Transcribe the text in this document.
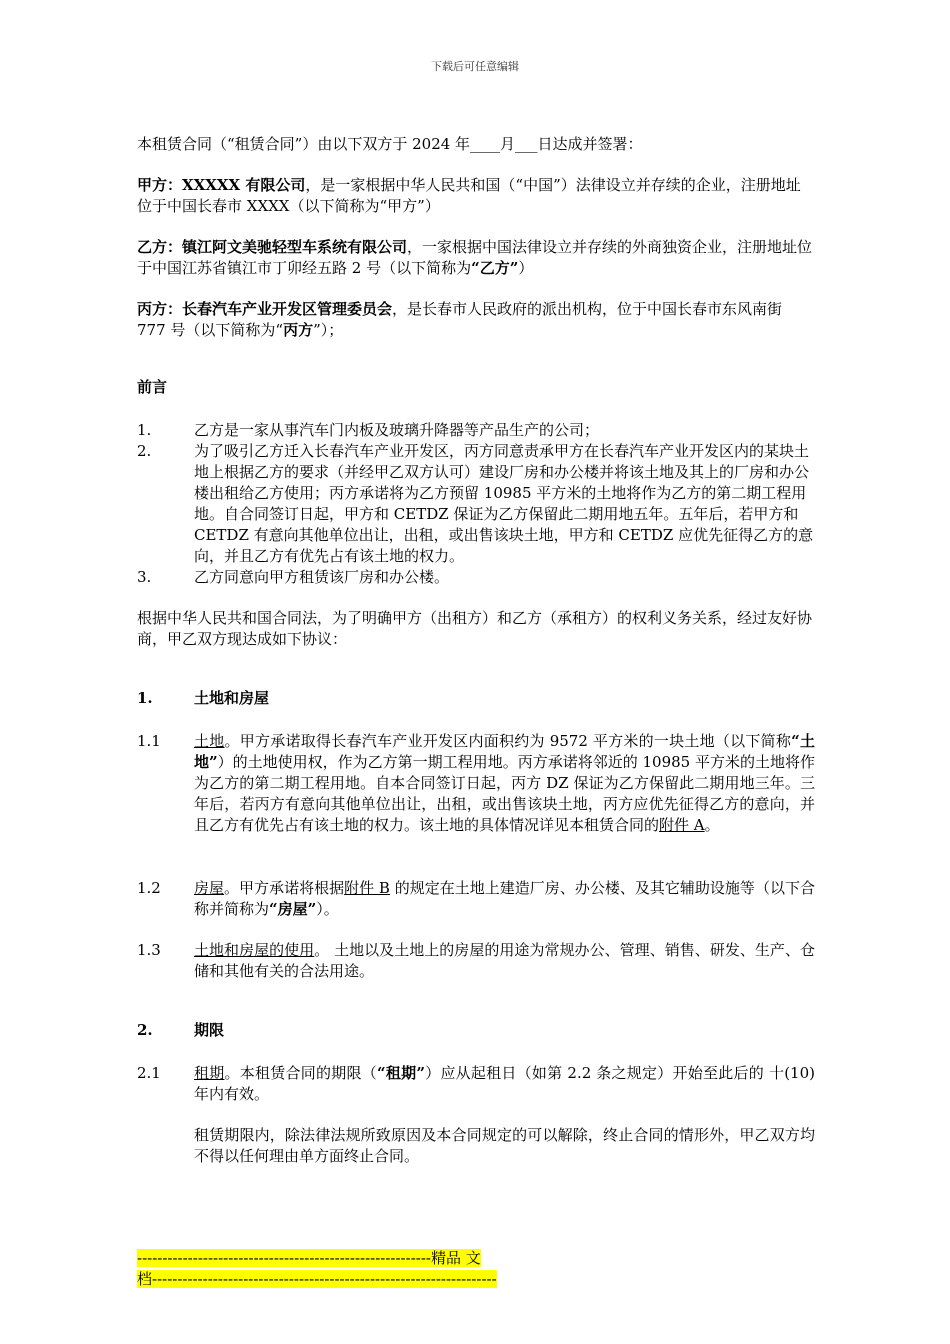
下载后可任意编辑

本租赁合同（“租赁合同”）由以下双方于 2024 年____月___日达成并签署：

甲方：XXXXX 有限公司，是一家根据中华人民共和国（“中国”）法律设立并存续的企业，注册地址位于中国长春市 XXXX（以下简称为“甲方”）

乙方：镇江阿文美驰轻型车系统有限公司，一家根据中国法律设立并存续的外商独资企业，注册地址位于中国江苏省镇江市丁卯经五路 2 号（以下简称为“乙方”）

丙方：长春汽车产业开发区管理委员会，是长春市人民政府的派出机构，位于中国长春市东风南街 777 号（以下简称为“丙方”）；

前言

1.	乙方是一家从事汽车门内板及玻璃升降器等产品生产的公司；
2.	为了吸引乙方迁入长春汽车产业开发区，丙方同意责承甲方在长春汽车产业开发区内的某块土地上根据乙方的要求（并经甲乙双方认可）建设厂房和办公楼并将该土地及其上的厂房和办公楼出租给乙方使用；丙方承诺将为乙方预留 10985 平方米的土地将作为乙方的第二期工程用地。自合同签订日起，甲方和 CETDZ 保证为乙方保留此二期用地五年。五年后，若甲方和 CETDZ 有意向其他单位出让，出租，或出售该块土地，甲方和 CETDZ 应优先征得乙方的意向，并且乙方有优先占有该土地的权力。
3.	乙方同意向甲方租赁该厂房和办公楼。

根据中华人民共和国合同法，为了明确甲方（出租方）和乙方（承租方）的权利义务关系，经过友好协商，甲乙双方现达成如下协议：

1.	土地和房屋
1.1	土地。甲方承诺取得长春汽车产业开发区内面积约为 9572 平方米的一块土地（以下简称“土地”）的土地使用权，作为乙方第一期工程用地。丙方承诺将邻近的 10985 平方米的土地将作为乙方的第二期工程用地。自本合同签订日起，丙方 DZ 保证为乙方保留此二期用地三年。三年后，若丙方有意向其他单位出让，出租，或出售该块土地，丙方应优先征得乙方的意向，并且乙方有优先占有该土地的权力。该土地的具体情况详见本租赁合同的附件 A。
1.2	房屋。甲方承诺将根据附件 B 的规定在土地上建造厂房、办公楼、及其它辅助设施等（以下合称并简称为“房屋”）。
1.3	土地和房屋的使用。 土地以及土地上的房屋的用途为常规办公、管理、销售、研发、生产、仓储和其他有关的合法用途。
2.	期限
2.1	租期。本租赁合同的期限（“租期”）应从起租日（如第 2.2 条之规定）开始至此后的 十(10)年内有效。

租赁期限内，除法律法规所致原因及本合同规定的可以解除，终止合同的情形外，甲乙双方均不得以任何理由单方面终止合同。

----------------------------------------------------------精品 文
档--------------------------------------------------------------------
